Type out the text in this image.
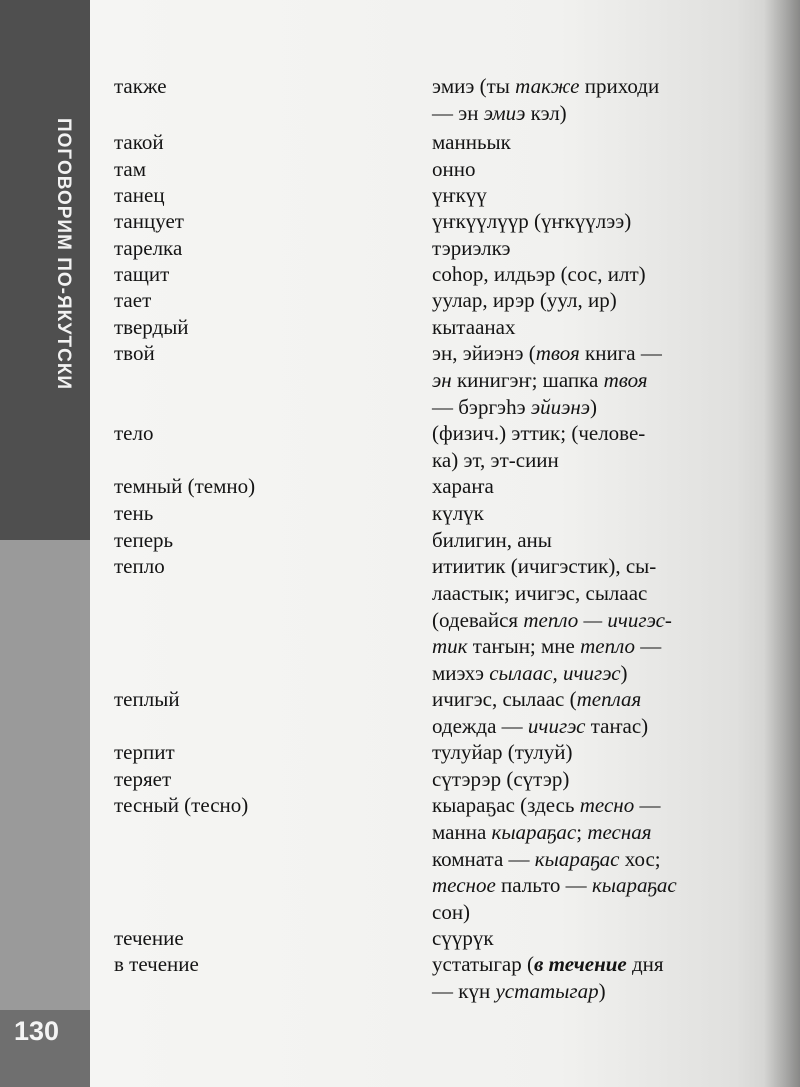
ПОГОВОРИМ ПО-ЯКУТСКИ
130
также	эмиэ (ты также приходи
— эн эмиэ кэл)
такой	манньык
там	онно
танец	үҥкүү
танцует	үҥкүүлүүр (үҥкүүлээ)
тарелка	тэриэлкэ
тащит	соһор, илдьэр (сос, илт)
тает	уулар, ирэр (уул, ир)
твердый	кытаанах
твой	эн, эйиэнэ (твоя книга —
эн кинигэҥ; шапка твоя
— бэргэһэ эйиэнэ)
тело	(физич.) эттик; (челове-
ка) эт, эт-сиин
темный (темно)	хараҥа
тень	күлүк
теперь	билигин, аны
тепло	итиитик (ичигэстик), сы-
лаастык; ичигэс, сылаас
(одевайся тепло — ичигэс-
тик таҥын; мне тепло —
миэхэ сылаас, ичигэс)
теплый	ичигэс, сылаас (теплая
одежда — ичигэс таҥас)
терпит	тулуйар (тулуй)
теряет	сүтэрэр (сүтэр)
тесный (тесно)	кыараҕас (здесь тесно —
манна кыараҕас; тесная
комната — кыараҕас хос;
тесное пальто — кыараҕас
сон)
течение	сүүрүк
в течение	устатыгар (в течение дня
— күн устатыгар)
